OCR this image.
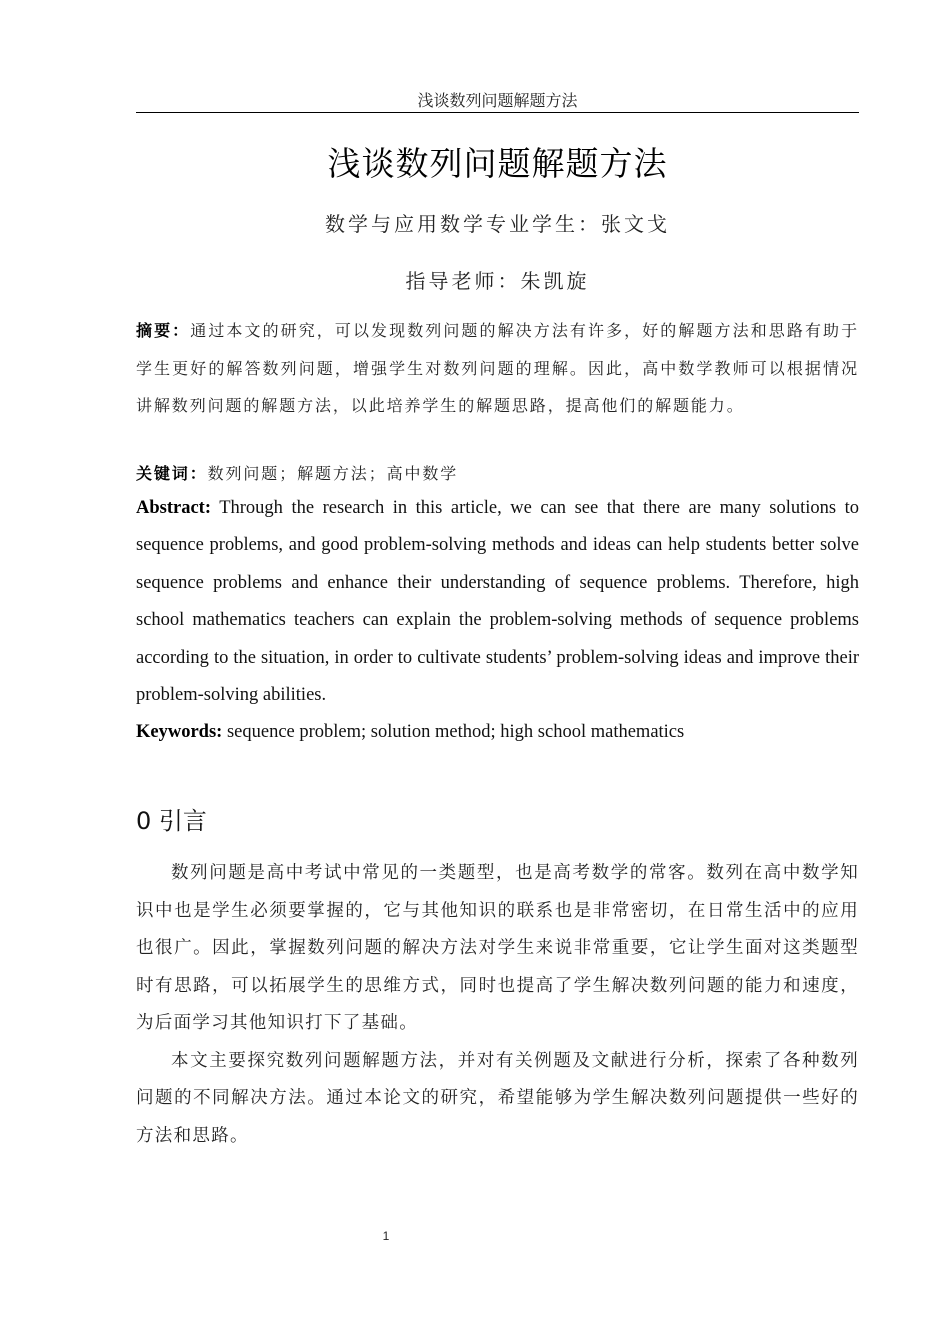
浅谈数列问题解题方法
浅谈数列问题解题方法
数学与应用数学专业学生：张文戈
指导老师：朱凯旋
摘要：通过本文的研究，可以发现数列问题的解决方法有许多，好的解题方法和思路有助于学生更好的解答数列问题，增强学生对数列问题的理解。因此，高中数学教师可以根据情况讲解数列问题的解题方法，以此培养学生的解题思路，提高他们的解题能力。
关键词：数列问题；解题方法；高中数学
Abstract: Through the research in this article, we can see that there are many solutions to sequence problems, and good problem-solving methods and ideas can help students better solve sequence problems and enhance their understanding of sequence problems. Therefore, high school mathematics teachers can explain the problem-solving methods of sequence problems according to the situation, in order to cultivate students’ problem-solving ideas and improve their problem-solving abilities.
Keywords: sequence problem; solution method; high school mathematics
0 引言

数列问题是高中考试中常见的一类题型，也是高考数学的常客。数列在高中数学知识中也是学生必须要掌握的，它与其他知识的联系也是非常密切，在日常生活中的应用也很广。因此，掌握数列问题的解决方法对学生来说非常重要，它让学生面对这类题型时有思路，可以拓展学生的思维方式，同时也提高了学生解决数列问题的能力和速度，为后面学习其他知识打下了基础。

本文主要探究数列问题解题方法，并对有关例题及文献进行分析，探索了各种数列问题的不同解决方法。通过本论文的研究，希望能够为学生解决数列问题提供一些好的方法和思路。

1
